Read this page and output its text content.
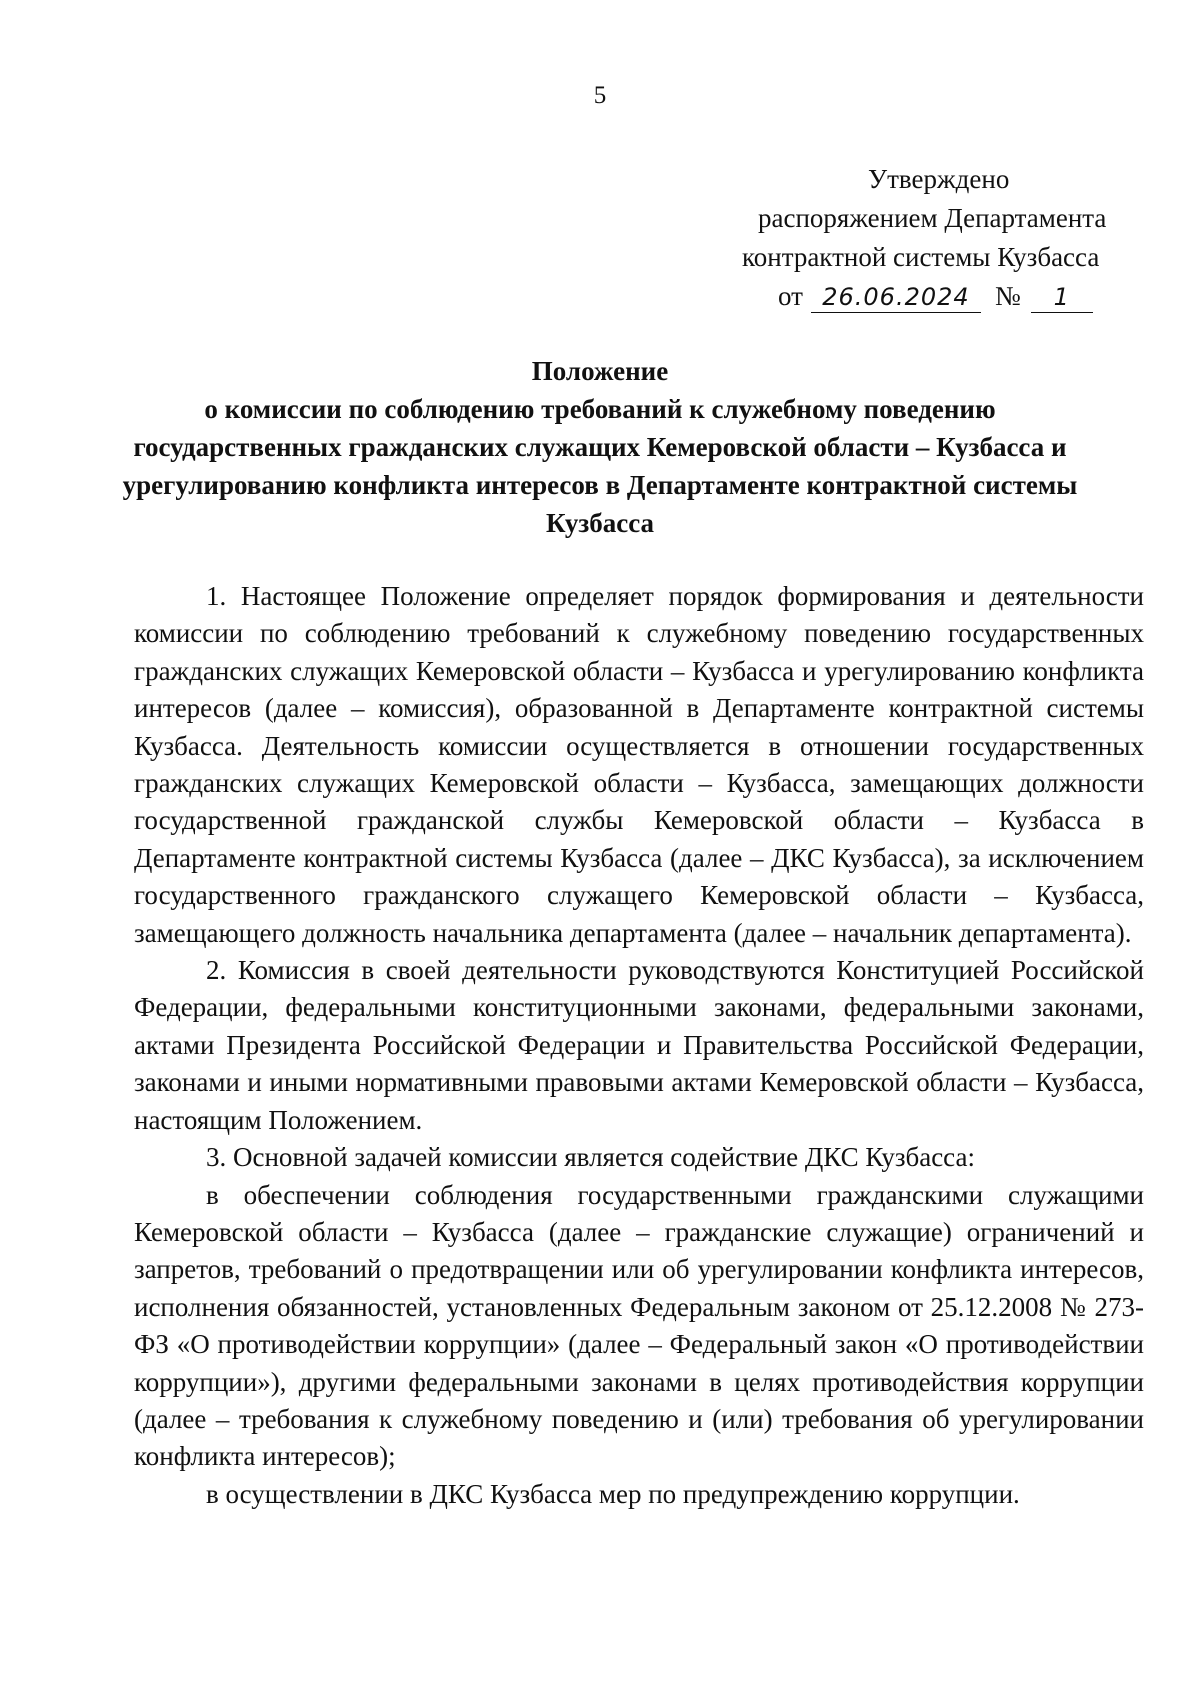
5
Утверждено
распоряжением Департамента
контрактной системы Кузбасса
от 26.06.2024 № 1
Положение
о комиссии по соблюдению требований к служебному поведению
государственных гражданских служащих Кемеровской области – Кузбасса и
урегулированию конфликта интересов в Департаменте контрактной системы
Кузбасса

1. Настоящее Положение определяет порядок формирования и деятельности комиссии по соблюдению требований к служебному поведению государственных гражданских служащих Кемеровской области – Кузбасса и урегулированию конфликта интересов (далее – комиссия), образованной в Департаменте контрактной системы Кузбасса. Деятельность комиссии осуществляется в отношении государственных гражданских служащих Кемеровской области – Кузбасса, замещающих должности государственной гражданской службы Кемеровской области – Кузбасса в Департаменте контрактной системы Кузбасса (далее – ДКС Кузбасса), за исключением государственного гражданского служащего Кемеровской области – Кузбасса, замещающего должность начальника департамента (далее – начальник департамента).

2. Комиссия в своей деятельности руководствуются Конституцией Российской Федерации, федеральными конституционными законами, федеральными законами, актами Президента Российской Федерации и Правительства Российской Федерации, законами и иными нормативными правовыми актами Кемеровской области – Кузбасса, настоящим Положением.

3. Основной задачей комиссии является содействие ДКС Кузбасса:

в обеспечении соблюдения государственными гражданскими служащими Кемеровской области – Кузбасса (далее – гражданские служащие) ограничений и запретов, требований о предотвращении или об урегулировании конфликта интересов, исполнения обязанностей, установленных Федеральным законом от 25.12.2008 № 273-ФЗ «О противодействии коррупции» (далее – Федеральный закон «О противодействии коррупции»), другими федеральными законами в целях противодействия коррупции (далее – требования к служебному поведению и (или) требования об урегулировании конфликта интересов);

в осуществлении в ДКС Кузбасса мер по предупреждению коррупции.
